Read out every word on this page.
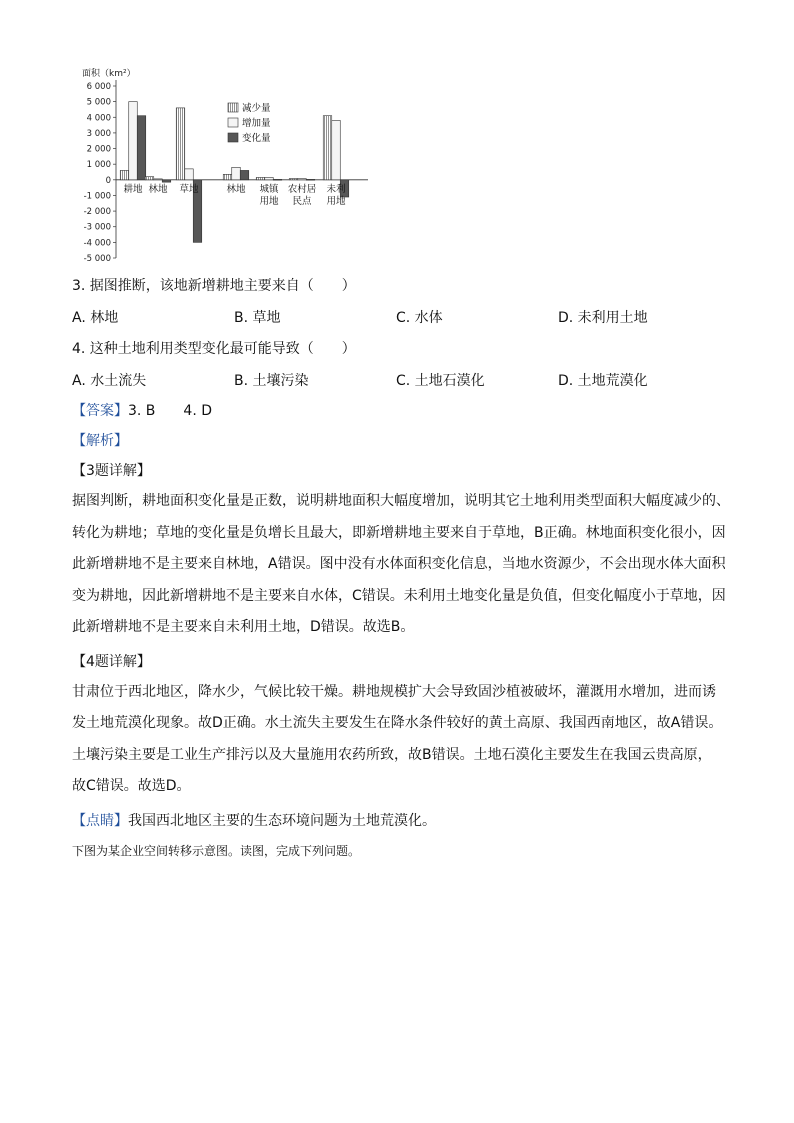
面积（km²）
6 000
5 000
4 000
3 000
2 000
1 000
0
-1 000
-2 000
-3 000
-4 000
-5 000
耕地 林地 草地	林地 城镇
用地
农村居
民点
未利
用地
减少量
增加量
变化量

3. 据图推断，该地新增耕地主要来自（　　）

A. 林地	B. 草地	C. 水体	D. 未利用土地

4. 这种土地利用类型变化最可能导致（　　）

A. 水土流失	B. 土壤污染	C. 土地石漠化	D. 土地荒漠化
【答案】3. B　　4. D
【解析】
【3题详解】

据图判断，耕地面积变化量是正数，说明耕地面积大幅度增加，说明其它土地利用类型面积大幅度减少的、

转化为耕地；草地的变化量是负增长且最大，即新增耕地主要来自于草地，B正确。林地面积变化很小，因

此新增耕地不是主要来自林地，A错误。图中没有水体面积变化信息，当地水资源少，不会出现水体大面积

变为耕地，因此新增耕地不是主要来自水体，C错误。未利用土地变化量是负值，但变化幅度小于草地，因

此新增耕地不是主要来自未利用土地，D错误。故选B。

【4题详解】

甘肃位于西北地区，降水少，气候比较干燥。耕地规模扩大会导致固沙植被破坏，灌溉用水增加，进而诱

发土地荒漠化现象。故D正确。水土流失主要发生在降水条件较好的黄土高原、我国西南地区，故A错误。

土壤污染主要是工业生产排污以及大量施用农药所致，故B错误。土地石漠化主要发生在我国云贵高原，

故C错误。故选D。

【点睛】我国西北地区主要的生态环境问题为土地荒漠化。
下图为某企业空间转移示意图。读图，完成下列问题。
